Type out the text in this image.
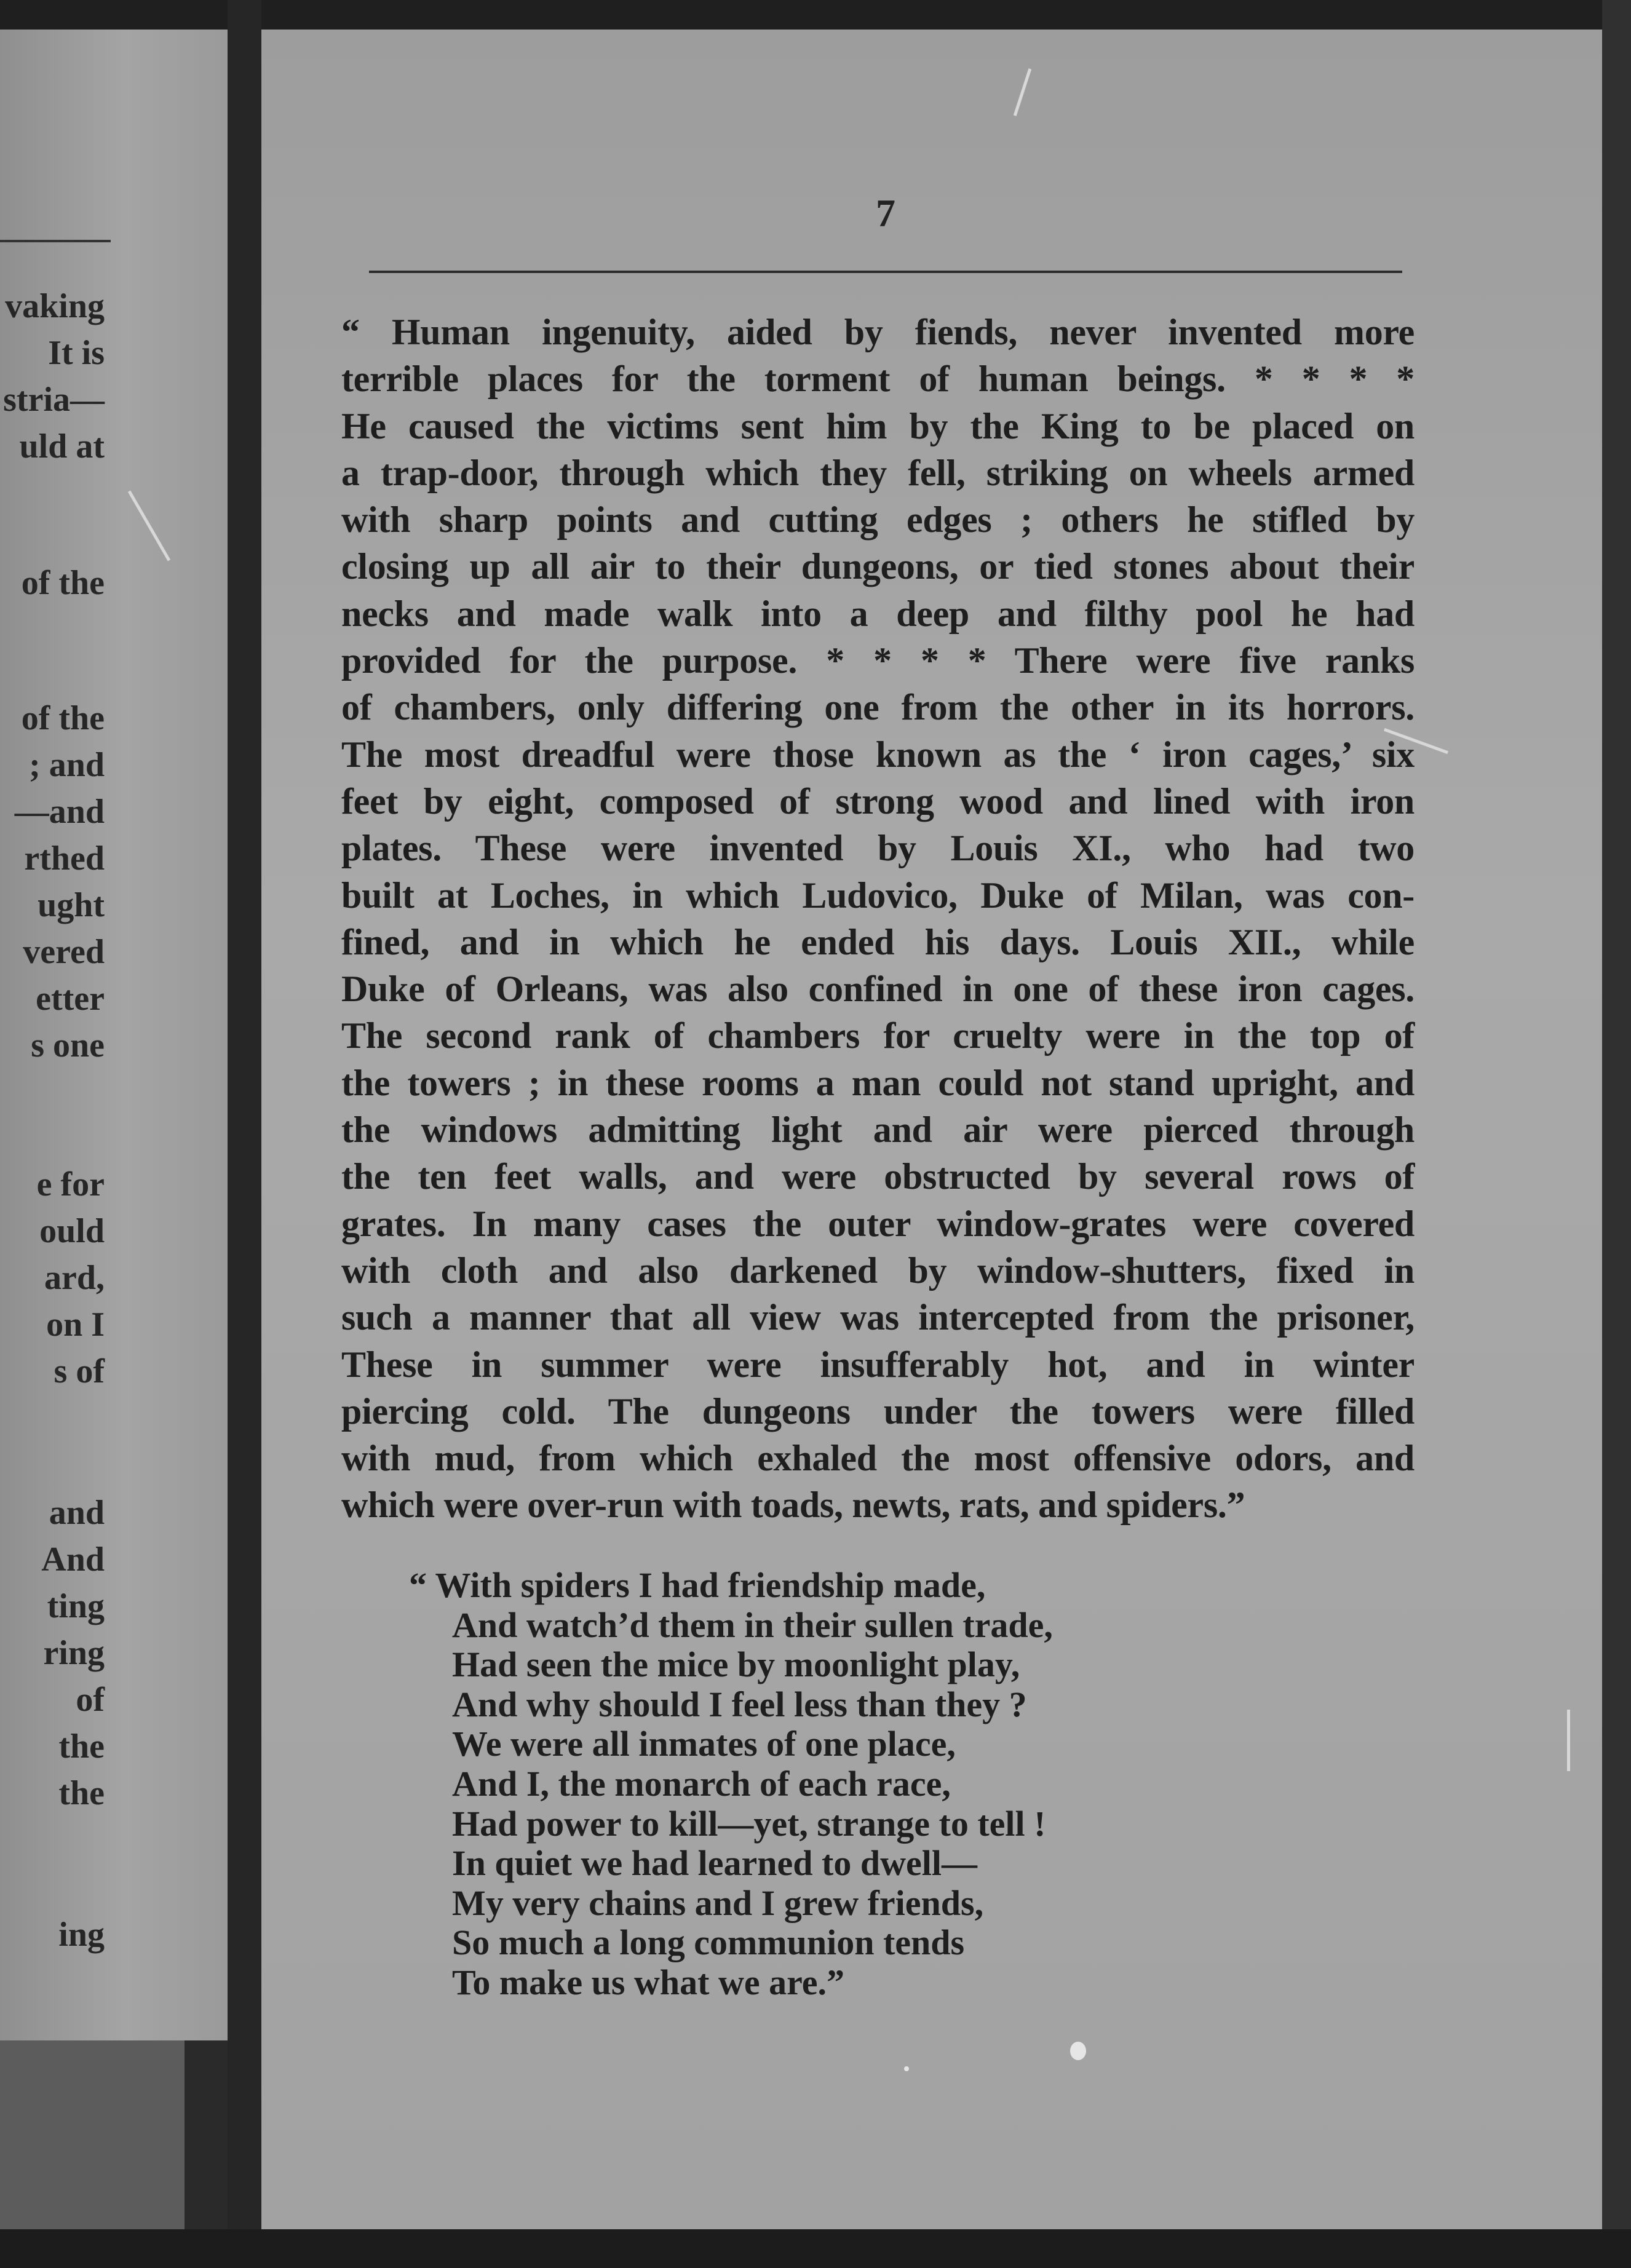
vaking

It is

stria—

uld at

of the

of the

; and

—and

rthed

ught

vered

etter

s one

e for

ould

ard,

on I

s of

and

And

ting

ring

of

the

the

ing

7
“ Human ingenuity, aided by fiends, never invented more
terrible places for the torment of human beings. * * * *
He caused the victims sent him by the King to be placed on
a trap-door, through which they fell, striking on wheels armed
with sharp points and cutting edges ; others he stifled by
closing up all air to their dungeons, or tied stones about their
necks and made walk into a deep and filthy pool he had
provided for the purpose. * * * * There were five ranks
of chambers, only differing one from the other in its horrors.
The most dreadful were those known as the ‘ iron cages,’ six
feet by eight, composed of strong wood and lined with iron
plates. These were invented by Louis XI., who had two
built at Loches, in which Ludovico, Duke of Milan, was con-
fined, and in which he ended his days. Louis XII., while
Duke of Orleans, was also confined in one of these iron cages.
The second rank of chambers for cruelty were in the top of
the towers ; in these rooms a man could not stand upright, and
the windows admitting light and air were pierced through
the ten feet walls, and were obstructed by several rows of
grates. In many cases the outer window-grates were covered
with cloth and also darkened by window-shutters, fixed in
such a manner that all view was intercepted from the prisoner,
These in summer were insufferably hot, and in winter
piercing cold. The dungeons under the towers were filled
with mud, from which exhaled the most offensive odors, and
which were over-run with toads, newts, rats, and spiders.”
“ With spiders I had friendship made,
And watch’d them in their sullen trade,
Had seen the mice by moonlight play,
And why should I feel less than they ?
We were all inmates of one place,
And I, the monarch of each race,
Had power to kill—yet, strange to tell !
In quiet we had learned to dwell—
My very chains and I grew friends,
So much a long communion tends
To make us what we are.”
